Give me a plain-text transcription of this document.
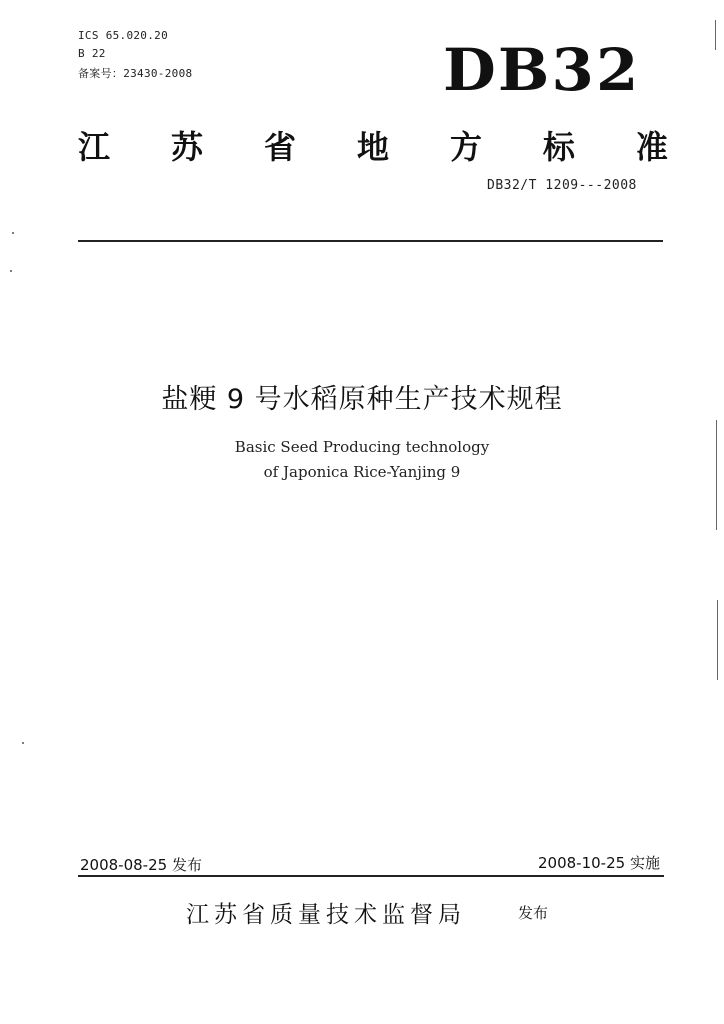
ICS 65.020.20
B 22
备案号：23430-2008	DB32
江 苏 省 地 方 标 准
DB32/T 1209---2008
盐粳 9 号水稻原种生产技术规程
Basic Seed Producing technology
of Japonica Rice-Yanjing 9
2008-08-25 发布	2008-10-25 实施
江苏省质量技术监督局	发布
